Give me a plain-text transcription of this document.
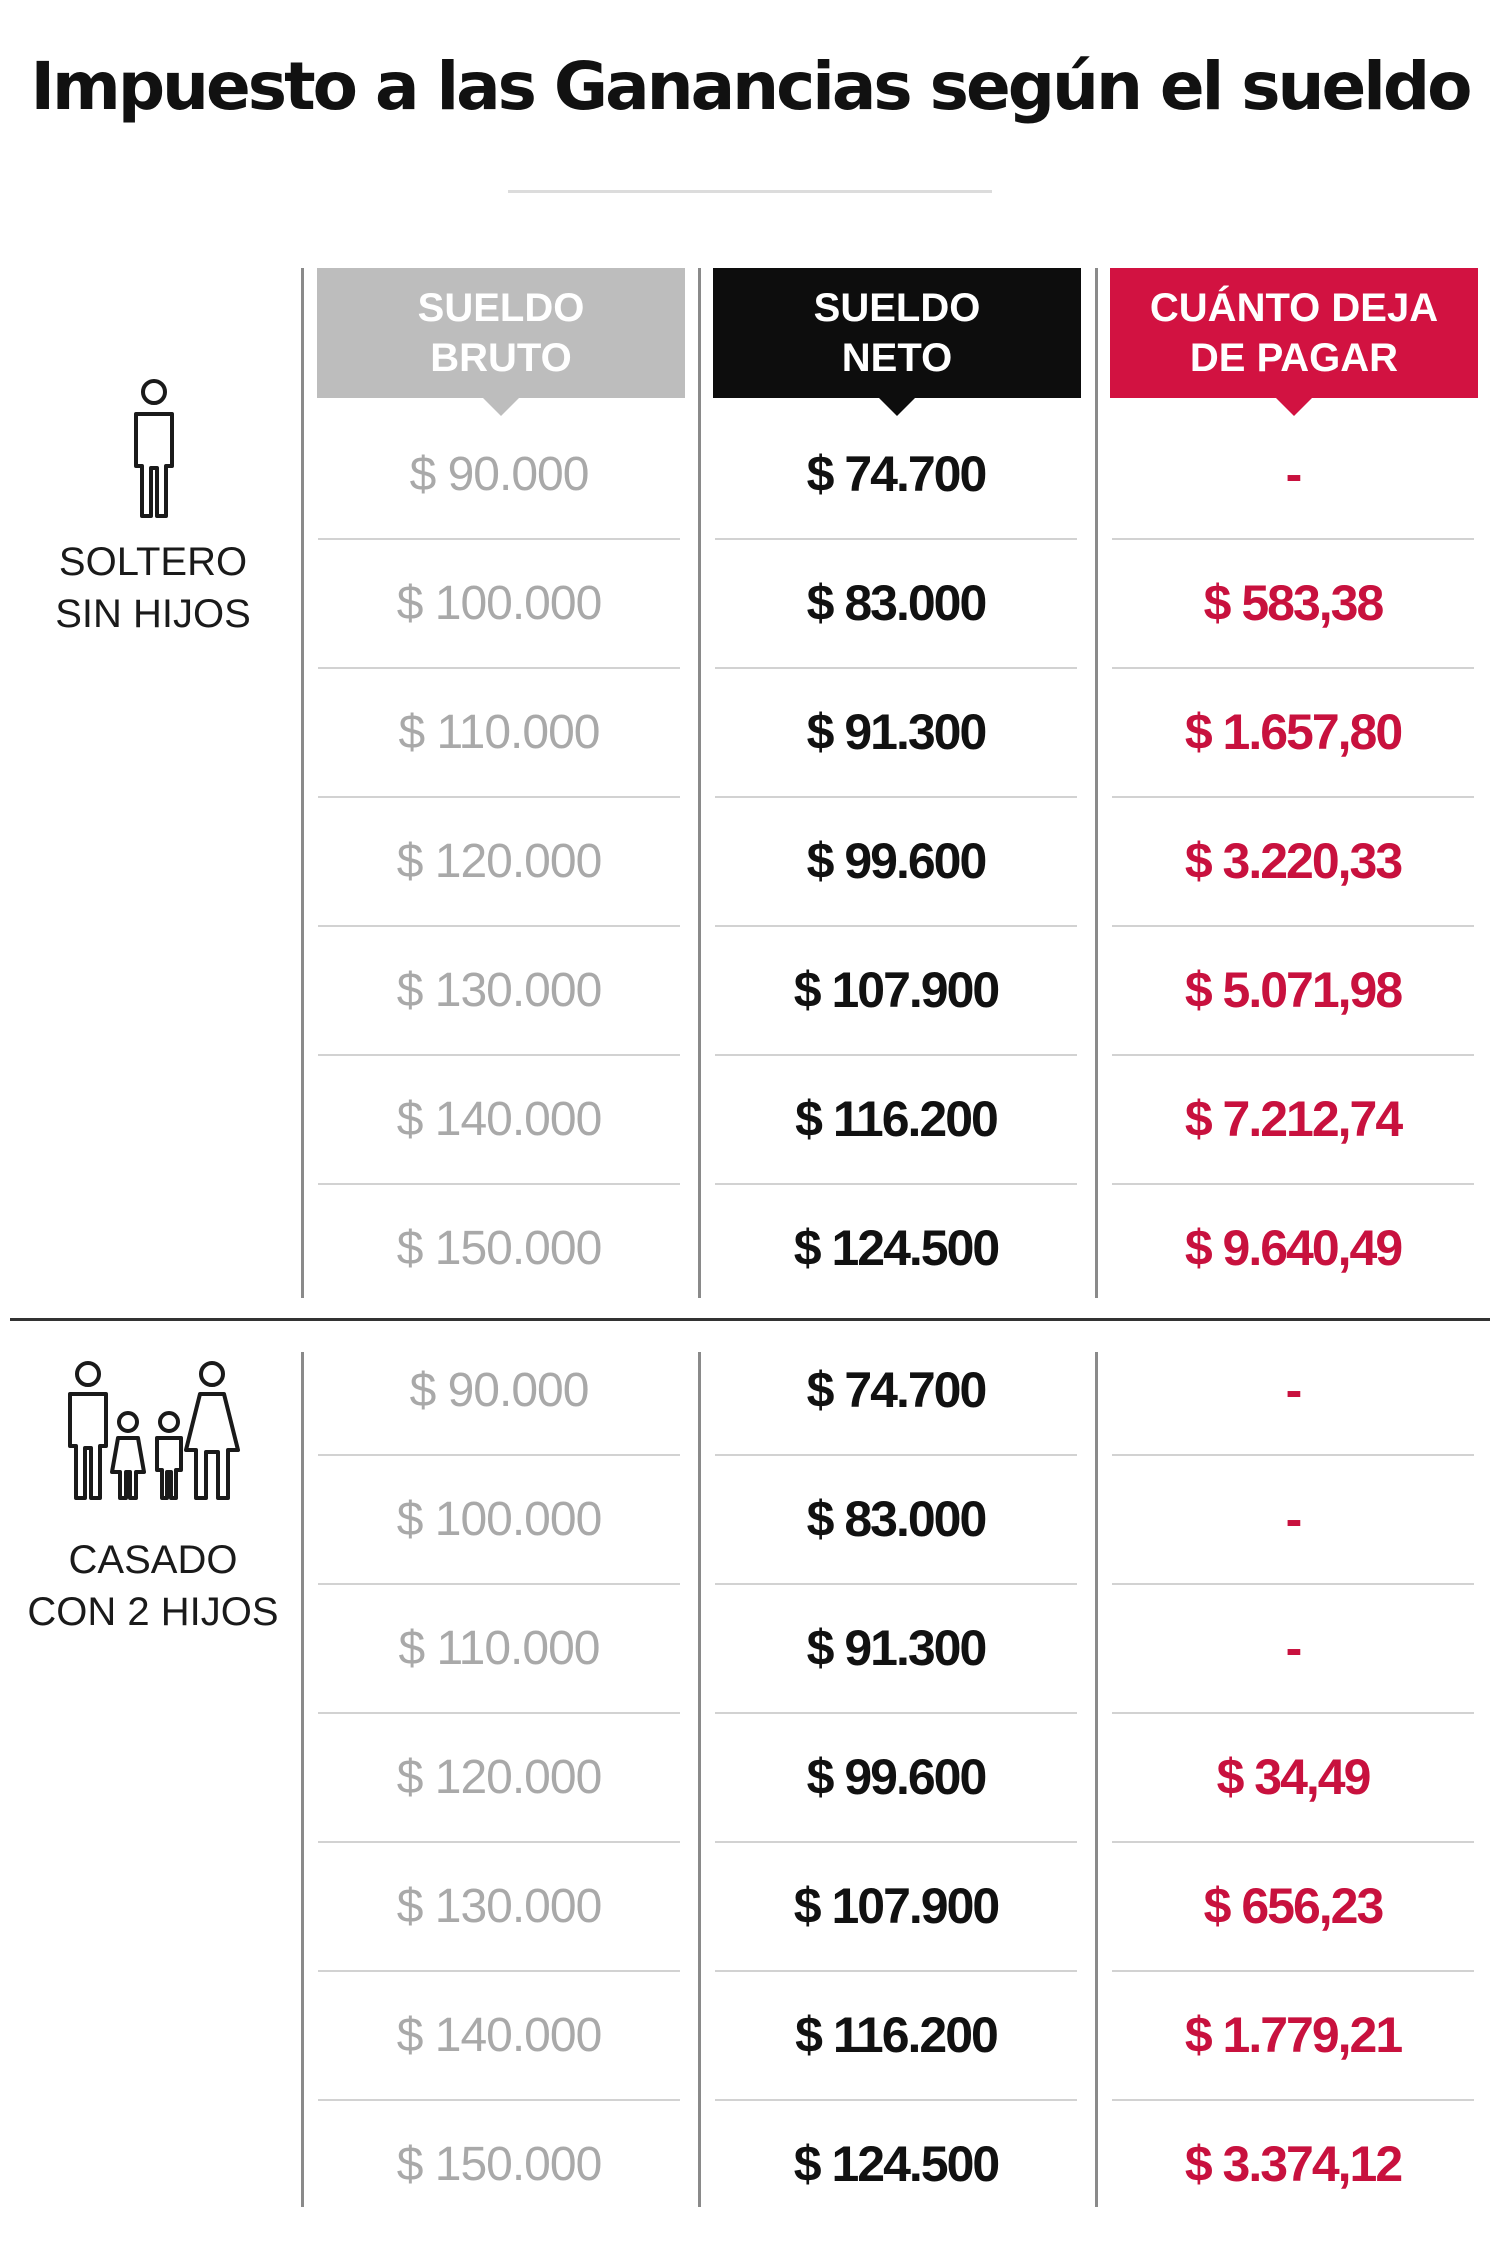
Impuesto a las Ganancias según el sueldo
SUELDO
BRUTO
SUELDO
NETO
CUÁNTO DEJA
DE PAGAR
SOLTERO
SIN HIJOS
CASADO
CON 2 HIJOS
$ 90.000	$ 74.700	-
$ 100.000	$ 83.000	$ 583,38
$ 110.000	$ 91.300	$ 1.657,80
$ 120.000	$ 99.600	$ 3.220,33
$ 130.000	$ 107.900	$ 5.071,98
$ 140.000	$ 116.200	$ 7.212,74
$ 150.000	$ 124.500	$ 9.640,49
$ 90.000	$ 74.700	-
$ 100.000	$ 83.000	-
$ 110.000	$ 91.300	-
$ 120.000	$ 99.600	$ 34,49
$ 130.000	$ 107.900	$ 656,23
$ 140.000	$ 116.200	$ 1.779,21
$ 150.000	$ 124.500	$ 3.374,12
